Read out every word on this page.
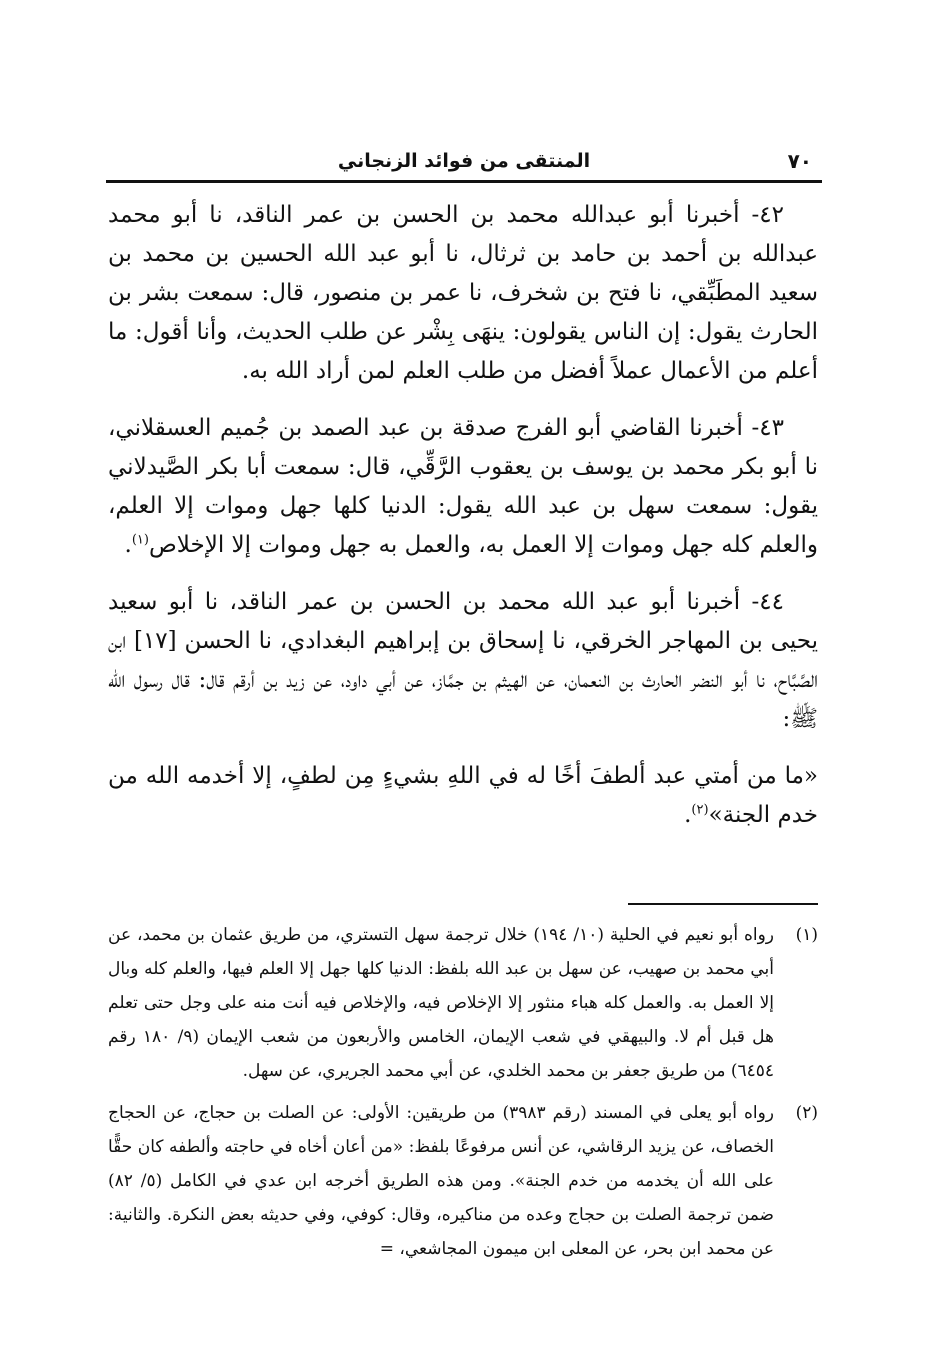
المنتقى من فوائد الزنجاني	٧٠

٤٢- أخبرنا أبو عبدالله محمد بن الحسن بن عمر الناقد، نا أبو محمد عبدالله بن أحمد بن حامد بن ثرثال، نا أبو عبد الله الحسين بن محمد بن سعيد المطَبِّقي، نا فتح بن شخرف، نا عمر بن منصور، قال: سمعت بشر بن الحارث يقول: إن الناس يقولون: ينهَى بِشْر عن طلب الحديث، وأنا أقول: ما أعلم من الأعمال عملاً أفضل من طلب العلم لمن أراد الله به.

٤٣- أخبرنا القاضي أبو الفرج صدقة بن عبد الصمد بن جُميم العسقلاني، نا أبو بكر محمد بن يوسف بن يعقوب الرَّقِّي، قال: سمعت أبا بكر الصَّيدلاني يقول: سمعت سهل بن عبد الله يقول: الدنيا كلها جهل وموات إلا العلم، والعلم كله جهل وموات إلا العمل به، والعمل به جهل وموات إلا الإخلاص$^{(١)}$.

٤٤- أخبرنا أبو عبد الله محمد بن الحسن بن عمر الناقد، نا أبو سعيد يحيى بن المهاجر الخرقي، نا إسحاق بن إبراهيم البغدادي، نا الحسن [١٧] ابن الصَّبَّاح، نا أبو النضر الحارث بن النعمان، عن الهيثم بن جمَّاز، عن أبي داود، عن زيد بن أرقم قال: قال رسول الله ﷺ:

«ما من أمتي عبد ألطفَ أخًا له في اللهِ بشيءٍ مِن لطفٍ، إلا أخدمه الله من خدم الجنة»$^{(٢)}$.

(١)
رواه أبو نعيم في الحلية (١٠/ ١٩٤) خلال ترجمة سهل التستري، من طريق عثمان بن محمد، عن أبي محمد بن صهيب، عن سهل بن عبد الله بلفظ: الدنيا كلها جهل إلا العلم فيها، والعلم كله وبال إلا العمل به. والعمل كله هباء منثور إلا الإخلاص فيه، والإخلاص فيه أنت منه على وجل حتى تعلم هل قبل أم لا. والبيهقي في شعب الإيمان، الخامس والأربعون من شعب الإيمان (٩/ ١٨٠ رقم ٦٤٥٤) من طريق جعفر بن محمد الخلدي، عن أبي محمد الجريري، عن سهل.
(٢)
رواه أبو يعلى في المسند (رقم ٣٩٨٣) من طريقين: الأولى: عن الصلت بن حجاج، عن الحجاج الخصاف، عن يزيد الرقاشي، عن أنس مرفوعًا بلفظ: «من أعان أخاه في حاجته وألطفه كان حقًّا على الله أن يخدمه من خدم الجنة». ومن هذه الطريق أخرجه ابن عدي في الكامل (٥/ ٨٢) ضمن ترجمة الصلت بن حجاج وعده من مناكيره، وقال: كوفي، وفي حديثه بعض النكرة. والثانية: عن محمد ابن بحر، عن المعلى ابن ميمون المجاشعي، =
